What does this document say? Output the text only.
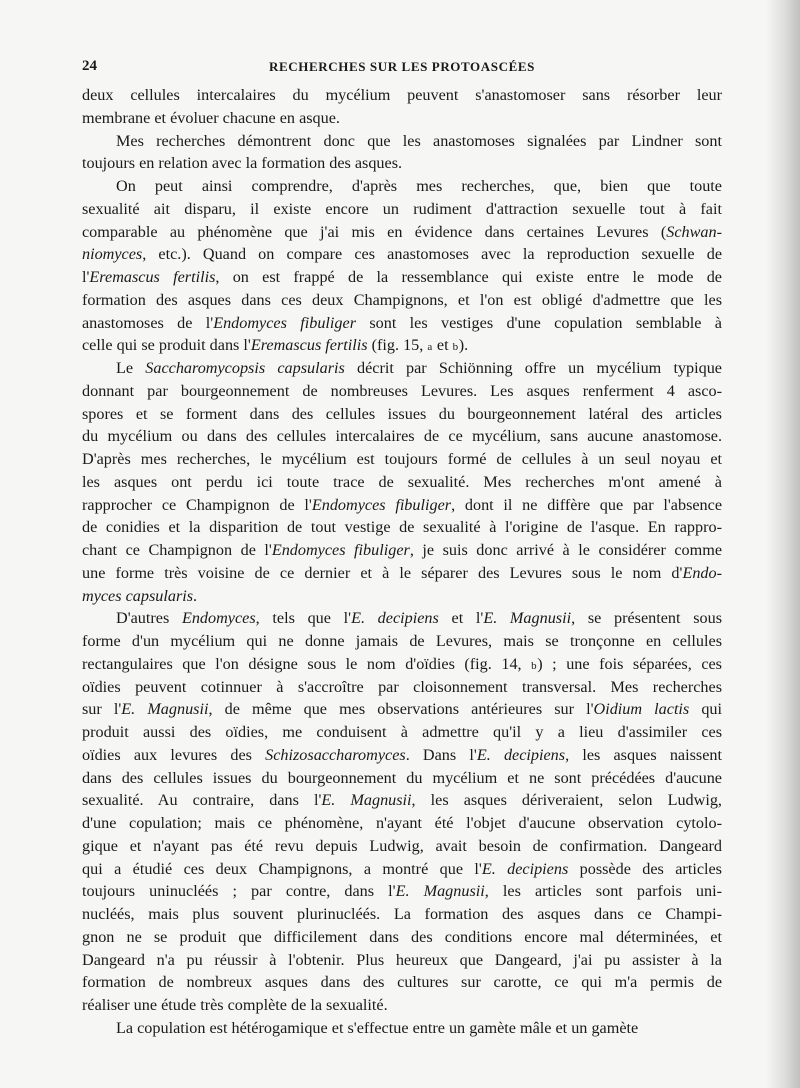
24	RECHERCHES SUR LES PROTOASCÉES
deux cellules intercalaires du mycélium peuvent s'anastomoser sans résorber leur
membrane et évoluer chacune en asque.
Mes recherches démontrent donc que les anastomoses signalées par Lindner sont
toujours en relation avec la formation des asques.
On peut ainsi comprendre, d'après mes recherches, que, bien que toute
sexualité ait disparu, il existe encore un rudiment d'attraction sexuelle tout à fait
comparable au phénomène que j'ai mis en évidence dans certaines Levures (Schwan-
niomyces, etc.). Quand on compare ces anastomoses avec la reproduction sexuelle de
l'Eremascus fertilis, on est frappé de la ressemblance qui existe entre le mode de
formation des asques dans ces deux Champignons, et l'on est obligé d'admettre que les
anastomoses de l'Endomyces fibuliger sont les vestiges d'une copulation semblable à
celle qui se produit dans l'Eremascus fertilis (fig. 15, a et b).
Le Saccharomycopsis capsularis décrit par Schiönning offre un mycélium typique
donnant par bourgeonnement de nombreuses Levures. Les asques renferment 4 asco-
spores et se forment dans des cellules issues du bourgeonnement latéral des articles
du mycélium ou dans des cellules intercalaires de ce mycélium, sans aucune anastomose.
D'après mes recherches, le mycélium est toujours formé de cellules à un seul noyau et
les asques ont perdu ici toute trace de sexualité. Mes recherches m'ont amené à
rapprocher ce Champignon de l'Endomyces fibuliger, dont il ne diffère que par l'absence
de conidies et la disparition de tout vestige de sexualité à l'origine de l'asque. En rappro-
chant ce Champignon de l'Endomyces fibuliger, je suis donc arrivé à le considérer comme
une forme très voisine de ce dernier et à le séparer des Levures sous le nom d'Endo-
myces capsularis.
D'autres Endomyces, tels que l'E. decipiens et l'E. Magnusii, se présentent sous
forme d'un mycélium qui ne donne jamais de Levures, mais se tronçonne en cellules
rectangulaires que l'on désigne sous le nom d'oïdies (fig. 14, b) ; une fois séparées, ces
oïdies peuvent cotinnuer à s'accroître par cloisonnement transversal. Mes recherches
sur l'E. Magnusii, de même que mes observations antérieures sur l'Oidium lactis qui
produit aussi des oïdies, me conduisent à admettre qu'il y a lieu d'assimiler ces
oïdies aux levures des Schizosaccharomyces. Dans l'E. decipiens, les asques naissent
dans des cellules issues du bourgeonnement du mycélium et ne sont précédées d'aucune
sexualité. Au contraire, dans l'E. Magnusii, les asques dériveraient, selon Ludwig,
d'une copulation; mais ce phénomène, n'ayant été l'objet d'aucune observation cytolo-
gique et n'ayant pas été revu depuis Ludwig, avait besoin de confirmation. Dangeard
qui a étudié ces deux Champignons, a montré que l'E. decipiens possède des articles
toujours uninucléés ; par contre, dans l'E. Magnusii, les articles sont parfois uni-
nucléés, mais plus souvent plurinucléés. La formation des asques dans ce Champi-
gnon ne se produit que difficilement dans des conditions encore mal déterminées, et
Dangeard n'a pu réussir à l'obtenir. Plus heureux que Dangeard, j'ai pu assister à la
formation de nombreux asques dans des cultures sur carotte, ce qui m'a permis de
réaliser une étude très complète de la sexualité.
La copulation est hétérogamique et s'effectue entre un gamète mâle et un gamète
